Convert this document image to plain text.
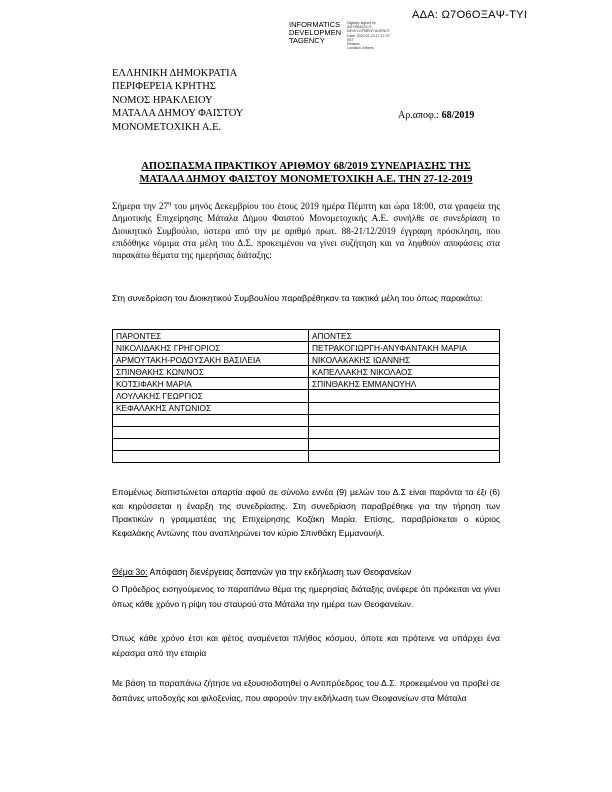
ΑΔΑ: Ω7Ο6ΟΞΑΨ-ΤΥΙ
INFORMATICS
DEVELOPMEN
TAGENCY
Digitally signed by
INFORMATICS
DEVELOPMENT AGENCY
Date: 2020.01.23 17:37:07
EET
Reason:
Location: Athens
ΕΛΛΗΝΙΚΗ ΔΗΜΟΚΡΑΤΙΑ
ΠΕΡΙΦΕΡΕΙΑ ΚΡΗΤΗΣ
ΝΟΜΟΣ ΗΡΑΚΛΕΙΟΥ
ΜΑΤΑΛΑ ΔΗΜΟΥ ΦΑΙΣΤΟΥ
ΜΟΝΟΜΕΤΟΧΙΚΗ Α.Ε.
Αρ.αποφ.: 68/2019
ΑΠΟΣΠΑΣΜΑ ΠΡΑΚΤΙΚΟΥ ΑΡΙΘΜΟΥ 68/2019 ΣΥΝΕΔΡΙΑΣΗΣ ΤΗΣ
ΜΑΤΑΛΑ ΔΗΜΟΥ ΦΑΙΣΤΟΥ ΜΟΝΟΜΕΤΟΧΙΚΗ Α.Ε. ΤΗΝ 27-12-2019
Σήμερα την $27^\eta$ του μηνός Δεκεμβρίου του έτους 2019 ημέρα Πέμπτη και ώρα 18:00, στα γραφεία της Δημοτικής Επιχείρησης Μάταλα Δήμου Φαιστού Μονομετοχικής Α.Ε. συνήλθε σε συνεδρίαση το Διοικητικό Συμβούλιο, ύστερα από την με αριθμό πρωτ. 88-21/12/2019 έγγραφη πρόσκληση, που επιδόθηκε νόμιμα στα μέλη του Δ.Σ. προκειμένου να γίνει συζήτηση και να ληφθούν αποφάσεις στα παρακάτω θέματα της ημερήσιας διάταξης:
Στη συνεδρίαση του Διοικητικού Συμβουλίου παραβρέθηκαν τα τακτικά μέλη του όπως παρακάτω:
ΠΑΡΟΝΤΕΣ	ΑΠΟΝΤΕΣ
ΝΙΚΟΛΙΔΑΚΗΣ ΓΡΗΓΟΡΙΟΣ	ΠΕΤΡΑΚΟΓΙΩΡΓΗ-ΑΝΥΦΑΝΤΑΚΗ ΜΑΡΙΑ
ΑΡΜΟΥΤΑΚΗ-ΡΟΔΟΥΣΑΚΗ ΒΑΣΙΛΕΙΑ	ΝΙΚΟΛΑΚΑΚΗΣ ΙΩΑΝΝΗΣ
ΣΠΙΝΘΑΚΗΣ ΚΩΝ/ΝΟΣ	ΚΑΠΕΛΛΑΚΗΣ ΝΙΚΟΛΑΟΣ
ΚΟΤΣΙΦΑΚΗ ΜΑΡΙΑ	ΣΠΙΝΘΑΚΗΣ ΕΜΜΑΝΟΥΗΛ
ΛΟΥΛΑΚΗΣ ΓΕΩΡΓΙΟΣ	
ΚΕΦΑΛΑΚΗΣ ΑΝΤΩΝΙΟΣ	

Επομένως διαπιστώνεται απαρτία αφού σε σύνολο εννέα (9) μελών του Δ.Σ είναι παρόντα τα έξι (6) και κηρύσσεται η έναρξη της συνεδρίασης. Στη συνεδρίαση παραβρέθηκε για την τήρηση των Πρακτικών η γραμματέας της Επιχείρησης Κοζάκη Μαρία. Επίσης, παραβρίσκεται ο κύριος Κεφαλάκης Αντώνης που αναπληρώνει τον κύριο Σπινθάκη Εμμανουήλ.
Θέμα 3ο: Απόφαση διενέργειας δαπανών για την εκδήλωση των Θεοφανείων
Ο Πρόεδρος εισηγούμενος το παραπάνω θέμα της ημερησίας διάταξης ανέφερε ότι πρόκειται να γίνει όπως κάθε χρόνο η ρίψη του σταυρού στα Μάταλα την ημέρα των Θεοφανείων.
Όπως κάθε χρόνο έτσι και φέτος αναμένεται πλήθος κόσμου, όποτε και πρότεινε να υπάρχει ένα κέρασμα από την εταιρία
Με βάση τα παραπάνω ζήτησε να εξουσιοδοτηθεί ο Αντιπρόεδρος του Δ.Σ. προκειμένου να προβεί σε δαπάνες υποδοχής και φιλοξενίας, που αφορούν την εκδήλωση των Θεοφανείων στα Μάταλα
